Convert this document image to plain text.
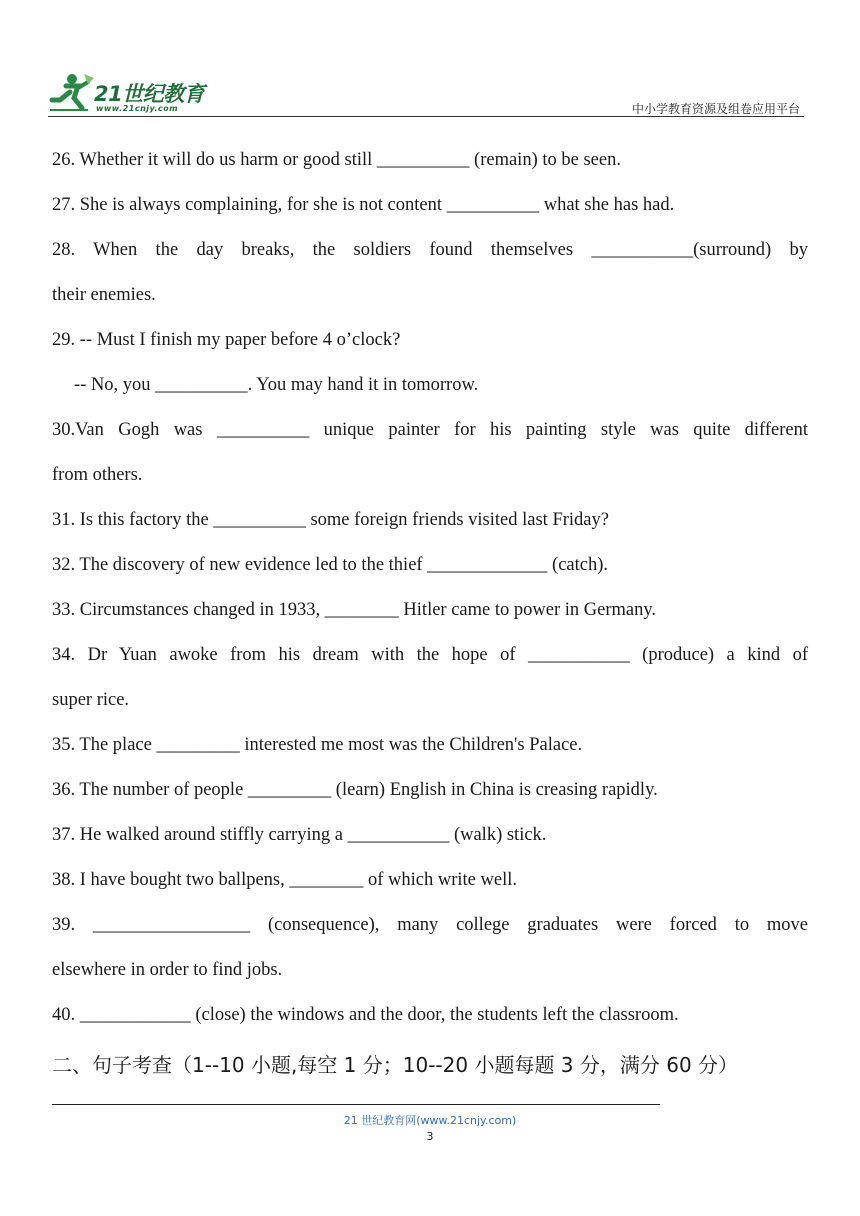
21世纪教育
www.21cnjy.com	中小学教育资源及组卷应用平台
26. Whether it will do us harm or good still __________ (remain) to be seen.
27. She is always complaining, for she is not content __________ what she has had.
28. When the day breaks, the soldiers found themselves ___________(surround) by
their enemies.
29. -- Must I finish my paper before 4 o’clock?
-- No, you __________. You may hand it in tomorrow.
30.Van Gogh was __________ unique painter for his painting style was quite different
from others.
31. Is this factory the __________ some foreign friends visited last Friday?
32. The discovery of new evidence led to the thief _____________ (catch).
33. Circumstances changed in 1933, ________ Hitler came to power in Germany.
34. Dr Yuan awoke from his dream with the hope of ___________ (produce) a kind of
super rice.
35. The place _________ interested me most was the Children's Palace.
36. The number of people _________ (learn) English in China is creasing rapidly.
37. He walked around stiffly carrying a ___________ (walk) stick.
38. I have bought two ballpens, ________ of which write well.
39. _________________ (consequence), many college graduates were forced to move
elsewhere in order to find jobs.
40. ____________ (close) the windows and the door, the students left the classroom.
二、句子考查（1--10 小题,每空 1 分；10--20 小题每题 3 分，满分 60 分）
21 世纪教育网(www.21cnjy.com)
3
